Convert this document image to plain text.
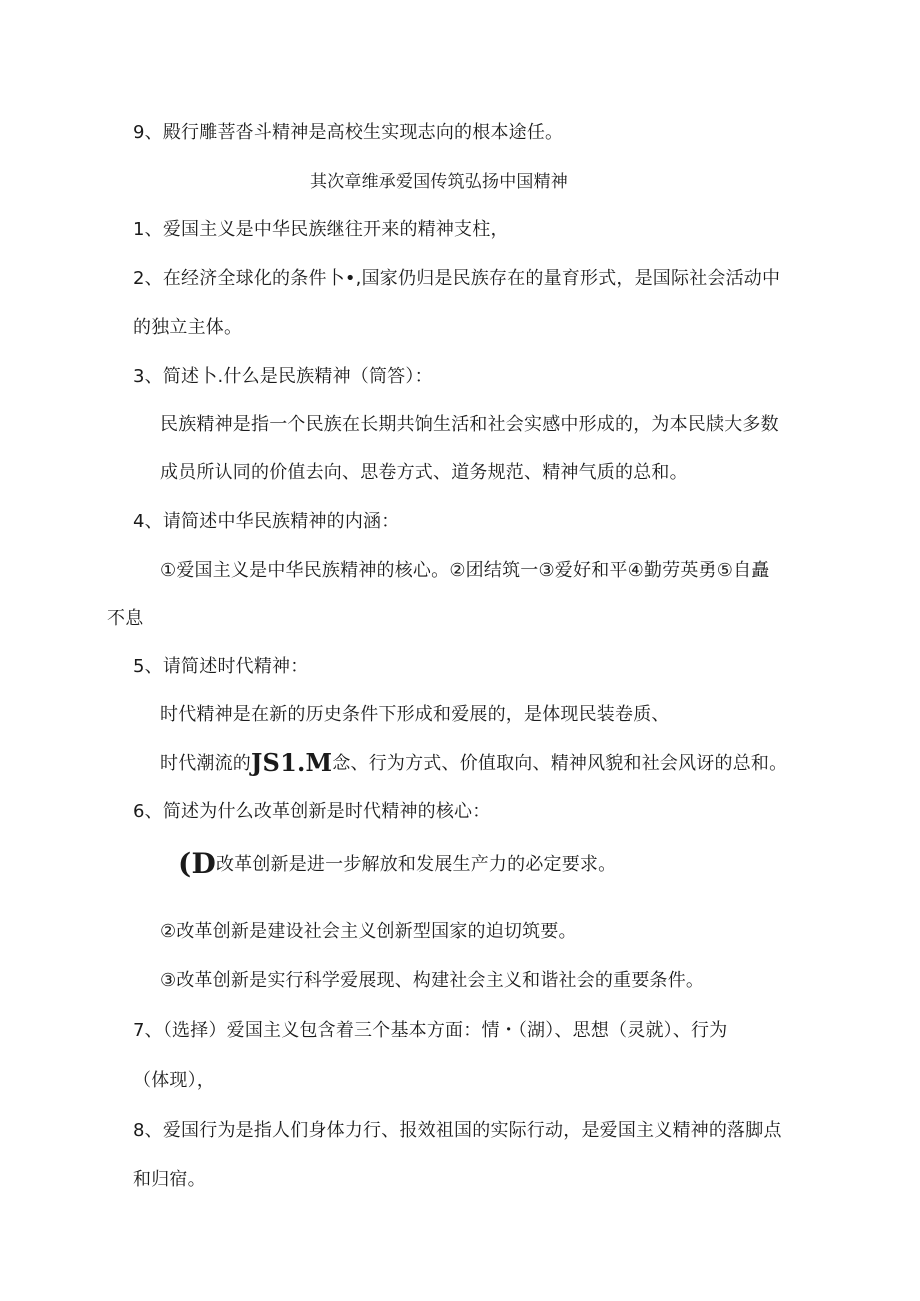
9、殿行雕菩沓斗精神是高校生实现志向的根本途任。
其次章维承爱国传筑弘扬中国精神
1、爱国主义是中华民族继往开来的精神支柱，
2、在经济全球化的条件卜•,国家仍归是民族存在的量育形式，是国际社会活动中
的独立主体。
3、简述卜.什么是民族精神（筒答）：
民族精神是指一个民族在长期共饷生活和社会实感中形成的，为本民牍大多数
成员所认同的价值去向、思卷方式、道务规范、精神气质的总和。
4、请简述中华民族精神的内涵：
①爱国主义是中华民族精神的核心。②团结筑一③爱好和平④勤劳英勇⑤自矗
不息
5、请简述时代精神：
时代精神是在新的历史条件下形成和爱展的，是体现民装卷质、
时代潮流的JS1.M念、行为方式、价值取向、精神风貌和社会风讶的总和。
6、简述为什么改革创新是时代精神的核心：
(D改革创新是进一步解放和发展生产力的必定要求。
②改革创新是建设社会主义创新型国家的迫切筑要。
③改革创新是实行科学爱展现、构建社会主义和谐社会的重要条件。
7、（选择）爱国主义包含着三个基本方面：情・（湖）、思想（灵就）、行为
（体现），
8、爱国行为是指人们身体力行、报效祖国的实际行动，是爱国主义精神的落脚点
和归宿。
